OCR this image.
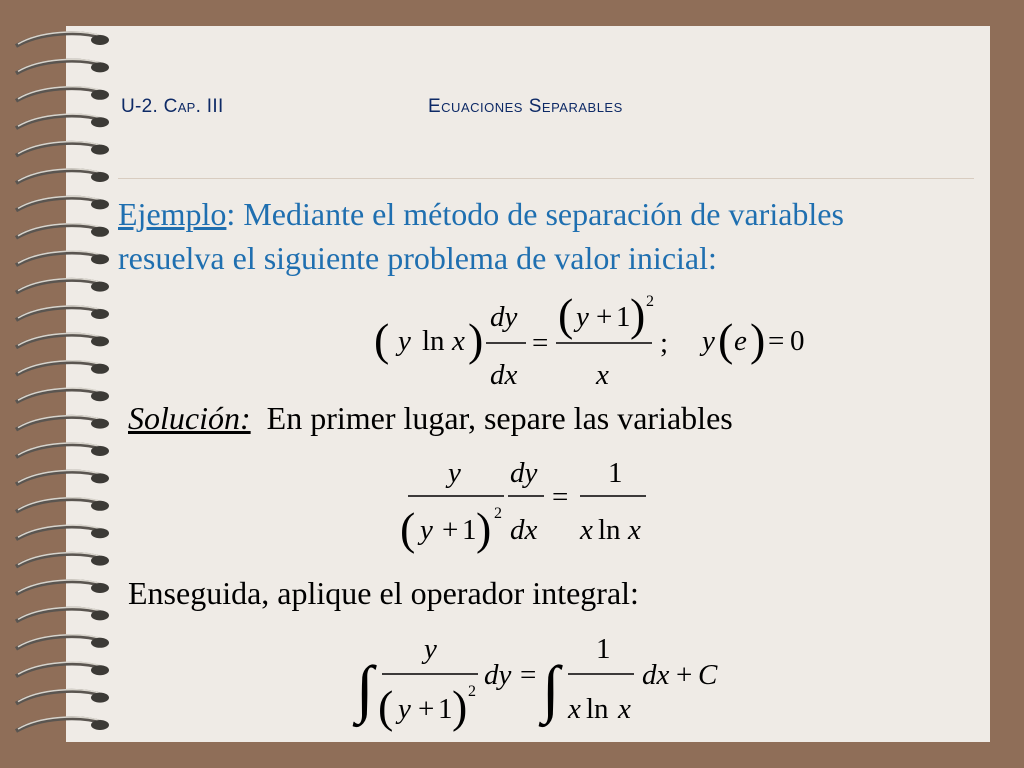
U-2. Cap. III	Ecuaciones Separables
Ejemplo: Mediante el método de separación de variables
resuelva el siguiente problema de valor inicial:
( y ln x ) dy
dx
=
( y + 1 ) 2
x
; y ( e ) = 0
Solución: En primer lugar, separe las variables
y
( y + 1 ) 2
dy
dx
=
1
x ln x
Enseguida, aplique el operador integral:
∫
y
( y + 1 ) 2
dy = ∫
1
x ln x
dx + C
